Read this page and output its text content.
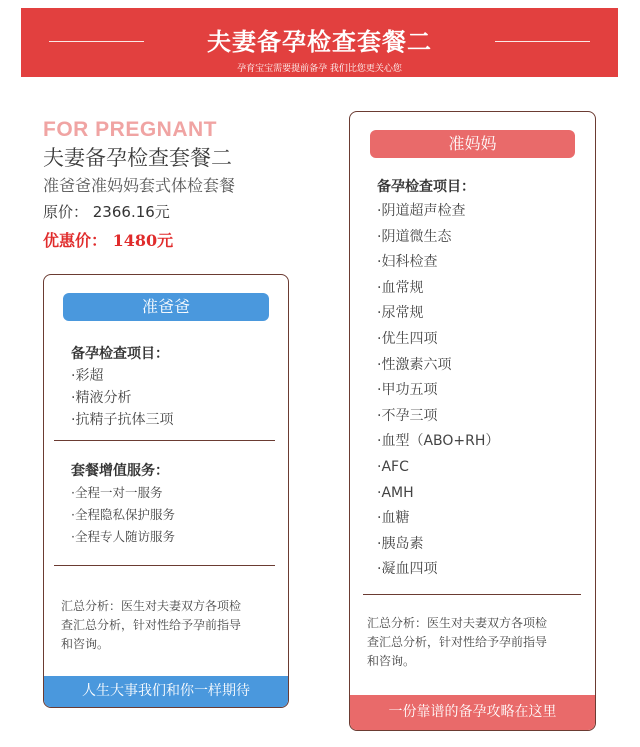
夫妻备孕检查套餐二
孕育宝宝需要提前备孕 我们比您更关心您
FOR PREGNANT
夫妻备孕检查套餐二
准爸爸准妈妈套式体检套餐
原价： 2366.16元
优惠价： 1480元
准爸爸
备孕检查项目：
·彩超
·精液分析
·抗精子抗体三项
套餐增值服务：
·全程一对一服务
·全程隐私保护服务
·全程专人随访服务
汇总分析：医生对夫妻双方各项检
查汇总分析，针对性给予孕前指导
和咨询。
人生大事我们和你一样期待
准妈妈
备孕检查项目：
·阴道超声检查
·阴道微生态
·妇科检查
·血常规
·尿常规
·优生四项
·性激素六项
·甲功五项
·不孕三项
·血型（ABO+RH）
·AFC
·AMH
·血糖
·胰岛素
·凝血四项
汇总分析：医生对夫妻双方各项检
查汇总分析，针对性给予孕前指导
和咨询。
一份靠谱的备孕攻略在这里
